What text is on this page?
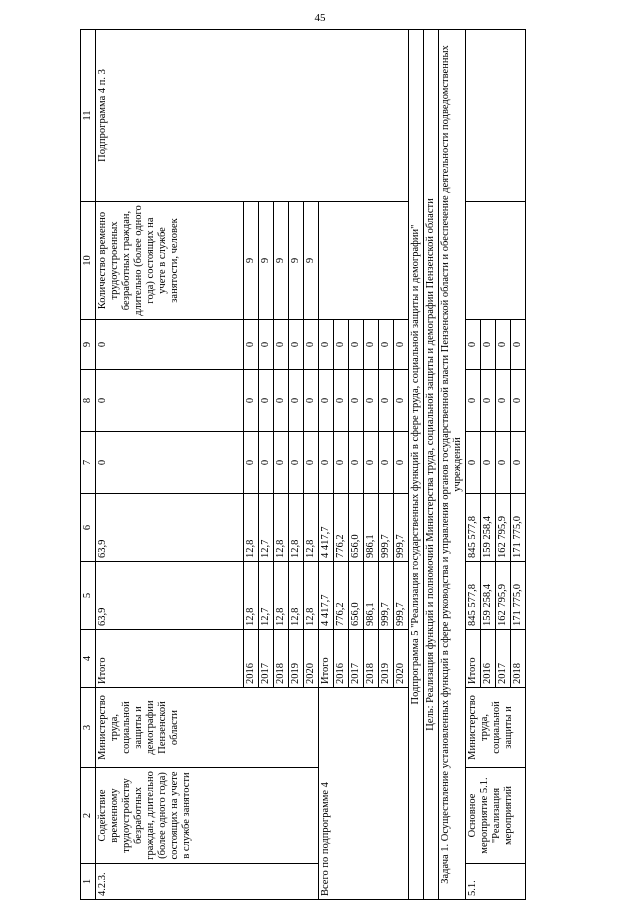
45
1	2	3	4	5	6	7	8	9	10	11
4.2.3.	Содействие временному трудоустройству безработных граждан, длительно (более одного года) состоящих на учете в службе занятости	Министерство труда, социальной защиты и демографии Пензенской области	Итого	63,9	63,9	0	0	0	Количество временно трудоустроенных безработных граждан, длительно (более одного года) состоящих на учете в службе занятости, человек	Подпрограмма 4 п. 3
			2016	12,8	12,8	0	0	0	9	
			2017	12,7	12,7	0	0	0	9	
			2018	12,8	12,8	0	0	0	9	
			2019	12,8	12,8	0	0	0	9	
			2020	12,8	12,8	0	0	0	9	
Всего по подпрограмме 4			Итого	4 417,7	4 417,7	0	0	0		
			2016	776,2	776,2	0	0	0		
			2017	656,0	656,0	0	0	0		
			2018	986,1	986,1	0	0	0		
			2019	999,7	999,7	0	0	0		
			2020	999,7	999,7	0	0	0		
Подпрограмма 5 "Реализация государственных функций в сфере труда, социальной защиты и демографии"										
Цель: Реализация функций и полномочий Министерства труда, социальной защиты и демографии Пензенской области										
Задача 1. Осуществление установленных функций в сфере руководства и управления органов государственной власти Пензенской области и обеспечение деятельности подведомственных учреждений										
5.1.	Основное мероприятие 5.1. "Реализация мероприятий	Министерство труда, социальной защиты и	Итого	845 577,8	845 577,8	0	0	0		
			2016	159 258,4	159 258,4	0	0	0		
			2017	162 795,9	162 795,9	0	0	0		
			2018	171 775,0	171 775,0	0	0	0		
